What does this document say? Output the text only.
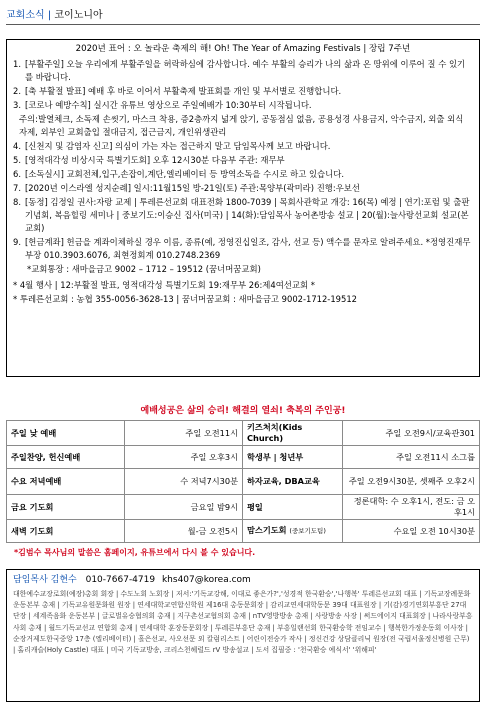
교회소식 | 코이노니아
2020년 표어 : 오 놀라운 축제의 해! Oh! The Year of Amazing Festivals | 장립 7주년
1. [부활주일] 오늘 우리에게 부활주일을 허락하심에 감사합니다. 예수 부활의 승리가 나의 삶과 온 땅위에 이루어 질 수 있기를 바랍니다.
2. [축 부활절 발표] 예배 후 바로 이어서 부활축제 발표회를 개인 및 부서별로 진행합니다.
3. [코로나 예방수칙] 실시간 유튜브 영상으로 주일예배가 10:30부터 시작됩니다.
주의:발열체크, 소독제 손씻기, 마스크 착용, 증2층까지 넓게 앉기, 공동점심 없음, 공용성경 사용금지, 악수금지, 외출 외식 자제, 외부인 교회출입 절대금지, 접근금지, 개인위생관리
4. [신천지 및 감염자 신고] 의심이 가는 자는 접근하지 말고 담임목사께 보고 바랍니다.
5. [영적대각성 비상시국 특별기도회] 오후 12시30분 다음부 주관: 재무부
6. [소독실시] 교회전체,입구,손잡이,계단,엘리베이터 등 방역소독을 수시로 하고 있습니다.
7. [2020년 이스라엘 성지순례] 일시:11월15일 방-21일(토) 주관:목양부(곽미라) 진행:우보선
8. [동정] 김정일 권사:자랑 교제 | 투레른선교회 대표전화 1800-7039 | 목회사관학교 개강: 16(목) 예정 | 연기:포럼 및 출판기념회, 복음힐링 세미나 | 중보기도:이승신 집사(미국) | 14(화):담임목사 농어촌방송 설교 | 20(월):늘사랑선교회 설교(본교회)
9. [헌금계좌] 헌금을 계좌이체하실 경우 이름, 종류(예, 정영진십일조, 감사, 선교 등) 액수를 문자로 알려주세요. *정영진재무부장 010.3903.6076, 최현정회계 010.2748.2369
*교회통장 : 새마을금고 9002 – 1712 – 19512 (꿈너머꿈교회)
* 4월 행사 | 12:부활절 발표, 영적대각성 특별기도회 19:재무부 26:제4여선교회 *
* 투레른선교회 : 농협 355-0056-3628-13 | 꿈너머꿈교회 : 새마을금고 9002-1712-19512
예배성공은 삶의 승리! 해결의 열쇠! 축복의 주인공!
주일 낮 예배	주일 오전11시	키즈처치(Kids Church)	주일 오전9시/교육관301
주일찬양, 헌신예배	주일 오후3시	학생부 | 청년부	주일 오전11시 소그룹
수요 저녁예배	수 저녁7시30분	하자교육, DBA교육	주일 오전9시30분, 셋째주 오후2시
금요 기도회	금요일 밤9시	평일	정론대학: 수 오후1시, 전도: 금 오후1시
새벽 기도회	월-금 오전5시	맘스기도회 (중보기도팀)	수요일 오전 10시30분
*김범수 목사님의 말씀은 홈페이지, 유튜브에서 다시 볼 수 있습니다.
담임목사 김현수 010-7667-4719 khs407@korea.com
대한예수교장로회(예장)총회 회장 | 수도노회 노회장 | 저서:'기독교강해, 이대로 좋은가?','성경적 한국환승','나행복' 투레른선교회 대표 | 기독교장례문화운동본부 총재 | 기독교유원문화원 원장 | 연세대학교연합신학원 제16대 총동문회장 | 감리교연세대학동문 39대 대표원장 | 기(감)경기연회부흥단 27대 단장 | 세계족음화 운동본부 | 글로벌유승협의회 총재 | 지구촌선교협의회 총재 | nTV영방방송 총재 | 사랑방송 사장 | 써드에이지 대표회장 | 나라사랑부흥사회 총재 | 월드기독교선교 연합회 총재 | 연세대학 훈장동문회장 | 투레른부흥단 총재 | 부흥일랜선회 한국환승학 전임교수 | 행복한가정운동회 이사장 | 순장거제도한국중앙 17층 (엘리베이터) | 흘은선교, 사오선문 외 칼럼리스트 | 어린이전승가 작사 | 정신건강 상담클리닉 원장(전 국립서울정신병원 근무) | 홀리캐슬(Holy Castle) 대표 | 미국 기독교방송, 크리스천헤럴드 rV 방송설교 | 도서 집필중 : '천국환승 예식서' '위해피'
